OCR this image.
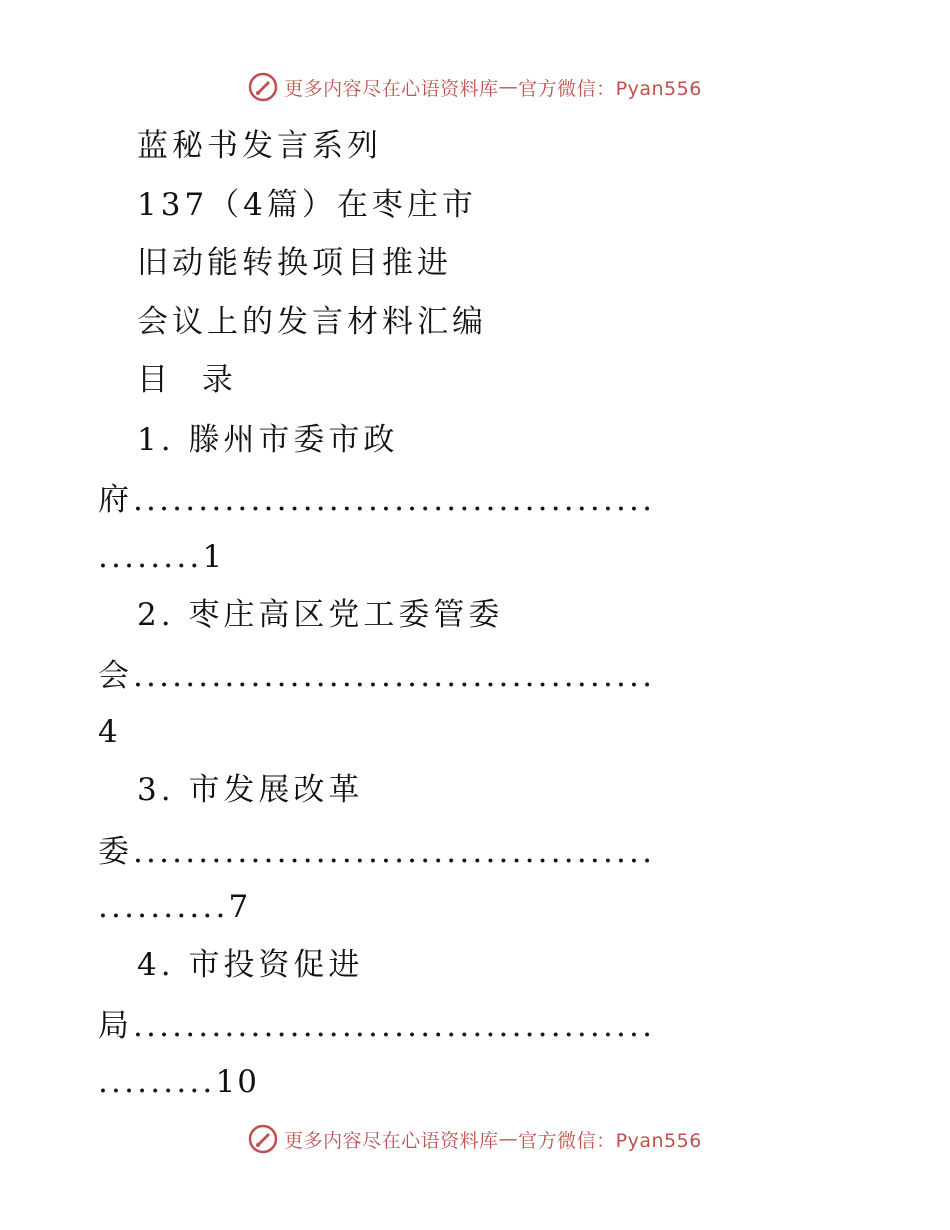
更多内容尽在心语资料库 — 官方微信：Pyan556
蓝秘书发言系列
137（4篇）在枣庄市
旧动能转换项目推进
会议上的发言材料汇编
目 录
1. 滕州市委市政
府........................................
........1
2. 枣庄高区党工委管委
会........................................
4
3. 市发展改革
委........................................
..........7
4. 市投资促进
局........................................
.........10
更多内容尽在心语资料库 — 官方微信：Pyan556
